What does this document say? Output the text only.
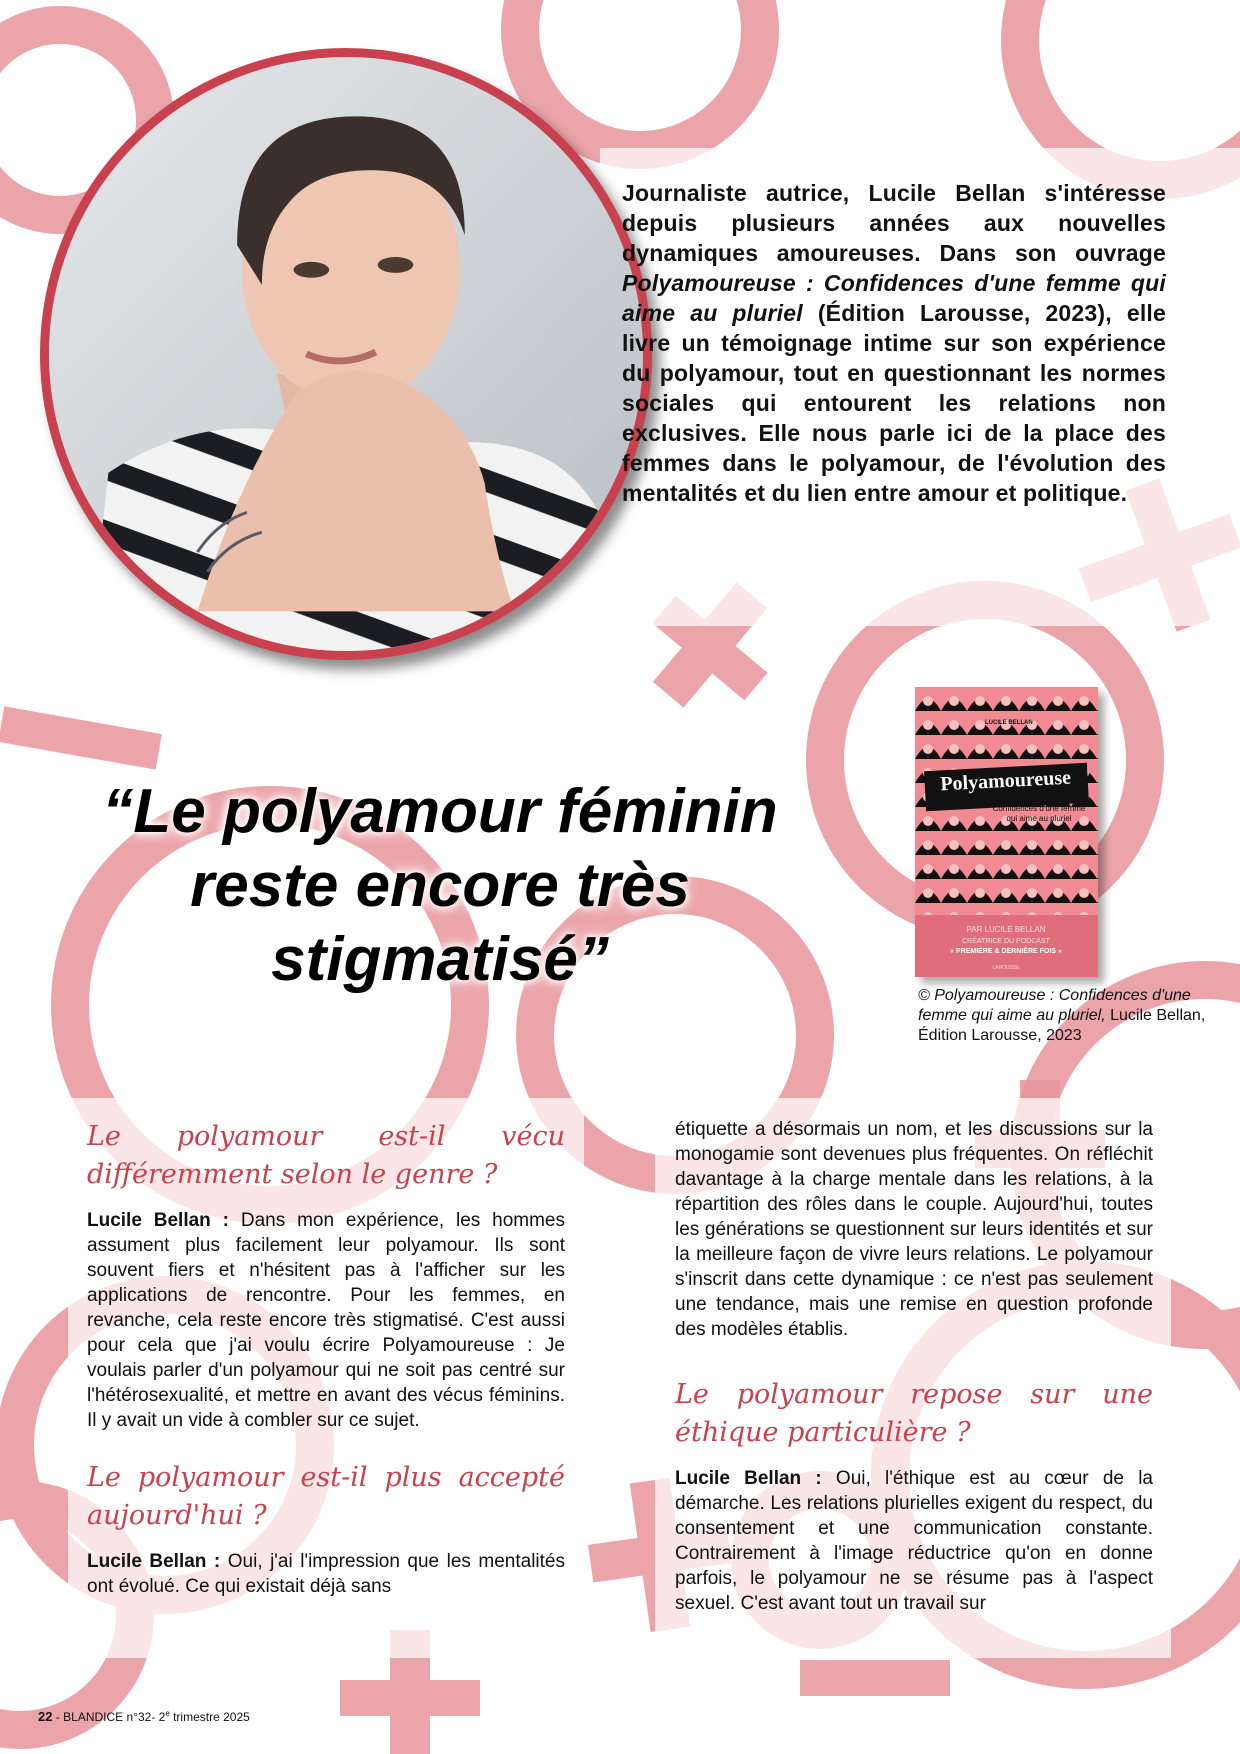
Journaliste autrice, Lucile Bellan s'intéresse depuis plusieurs années aux nouvelles dynamiques amoureuses. Dans son ouvrage Polyamoureuse : Confidences d'une femme qui aime au pluriel (Édition Larousse, 2023), elle livre un témoignage intime sur son expérience du polyamour, tout en questionnant les normes sociales qui entourent les relations non exclusives. Elle nous parle ici de la place des femmes dans le polyamour, de l'évolution des mentalités et du lien entre amour et politique.
“Le polyamour féminin reste encore très stigmatisé”
LUCILE BELLAN
Polyamoureuse
Confidences d'une femme
qui aime au pluriel
PAR LUCILE BELLAN
CRÉATRICE DU PODCAST
« PREMIÈRE & DERNIÈRE FOIS »
LAROUSSE
© Polyamoureuse : Confidences d'une femme qui aime au pluriel, Lucile Bellan, Édition Larousse, 2023
Le polyamour est-il vécu différemment selon le genre ?

Lucile Bellan : Dans mon expérience, les hommes assument plus facilement leur polyamour. Ils sont souvent fiers et n'hésitent pas à l'afficher sur les applications de rencontre. Pour les femmes, en revanche, cela reste encore très stigmatisé. C'est aussi pour cela que j'ai voulu écrire Polyamoureuse : Je voulais parler d'un polyamour qui ne soit pas centré sur l'hétérosexualité, et mettre en avant des vécus féminins. Il y avait un vide à combler sur ce sujet.

Le polyamour est-il plus accepté aujourd'hui ?

Lucile Bellan : Oui, j'ai l'impression que les mentalités ont évolué. Ce qui existait déjà sans

étiquette a désormais un nom, et les discussions sur la monogamie sont devenues plus fréquentes. On réfléchit davantage à la charge mentale dans les relations, à la répartition des rôles dans le couple. Aujourd'hui, toutes les générations se questionnent sur leurs identités et sur la meilleure façon de vivre leurs relations. Le polyamour s'inscrit dans cette dynamique : ce n'est pas seulement une tendance, mais une remise en question profonde des modèles établis.

Le polyamour repose sur une éthique particulière ?

Lucile Bellan : Oui, l'éthique est au cœur de la démarche. Les relations plurielles exigent du respect, du consentement et une communication constante. Contrairement à l'image réductrice qu'on en donne parfois, le polyamour ne se résume pas à l'aspect sexuel. C'est avant tout un travail sur

22 - BLANDICE n°32- 2e trimestre 2025
